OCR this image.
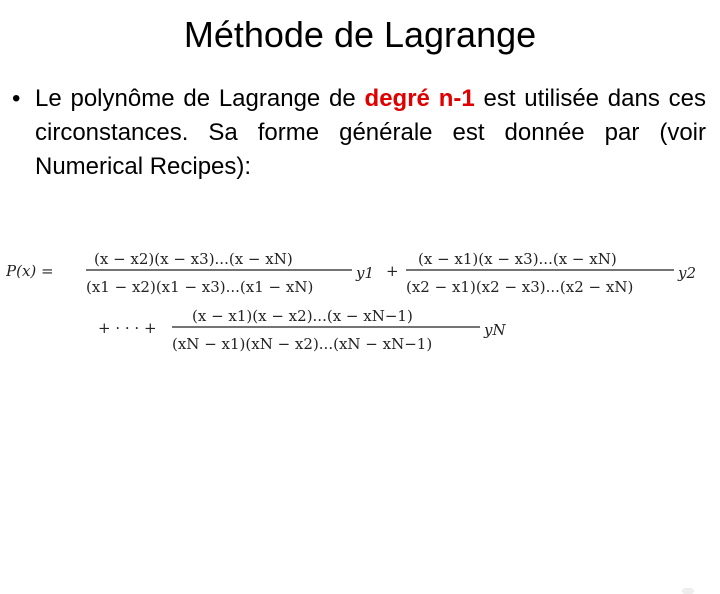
Méthode de Lagrange
• Le polynôme de Lagrange de degré n-1 est utilisée dans ces circonstances. Sa forme générale est donnée par (voir Numerical Recipes):
P(x) =
(x − x2)(x − x3)...(x − xN)
(x1 − x2)(x1 − x3)...(x1 − xN)
y1 +
(x − x1)(x − x3)...(x − xN)
(x2 − x1)(x2 − x3)...(x2 − xN)
y2
+ · · · +
(x − x1)(x − x2)...(x − xN−1)
(xN − x1)(xN − x2)...(xN − xN−1)
yN
